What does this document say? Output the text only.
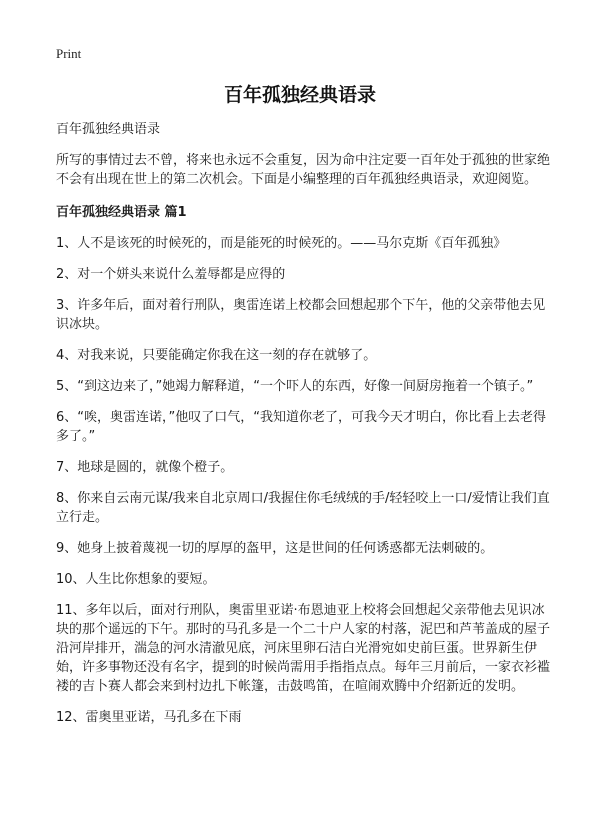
Print
百年孤独经典语录

百年孤独经典语录

所写的事情过去不曾，将来也永远不会重复，因为命中注定要一百年处于孤独的世家绝不会有出现在世上的第二次机会。下面是小编整理的百年孤独经典语录，欢迎阅览。

百年孤独经典语录 篇1

1、人不是该死的时候死的，而是能死的时候死的。——马尔克斯《百年孤独》

2、对一个姘头来说什么羞辱都是应得的

3、许多年后，面对着行刑队，奥雷连诺上校都会回想起那个下午，他的父亲带他去见识冰块。

4、对我来说，只要能确定你我在这一刻的存在就够了。

5、“到这边来了，”她竭力解释道，“一个吓人的东西，好像一间厨房拖着一个镇子。”

6、“唉，奥雷连诺，”他叹了口气，“我知道你老了，可我今天才明白，你比看上去老得多了。”

7、地球是圆的，就像个橙子。

8、你来自云南元谋/我来自北京周口/我握住你毛绒绒的手/轻轻咬上一口/爱情让我们直立行走。

9、她身上披着蔑视一切的厚厚的盔甲，这是世间的任何诱惑都无法刺破的。

10、人生比你想象的要短。

11、多年以后，面对行刑队，奥雷里亚诺·布恩迪亚上校将会回想起父亲带他去见识冰块的那个遥远的下午。那时的马孔多是一个二十户人家的村落，泥巴和芦苇盖成的屋子沿河岸排开，湍急的河水清澈见底，河床里卵石洁白光滑宛如史前巨蛋。世界新生伊始，许多事物还没有名字，提到的时候尚需用手指指点点。每年三月前后，一家衣衫褴褛的吉卜赛人都会来到村边扎下帐篷，击鼓鸣笛，在喧闹欢腾中介绍新近的发明。

12、雷奥里亚诺，马孔多在下雨
